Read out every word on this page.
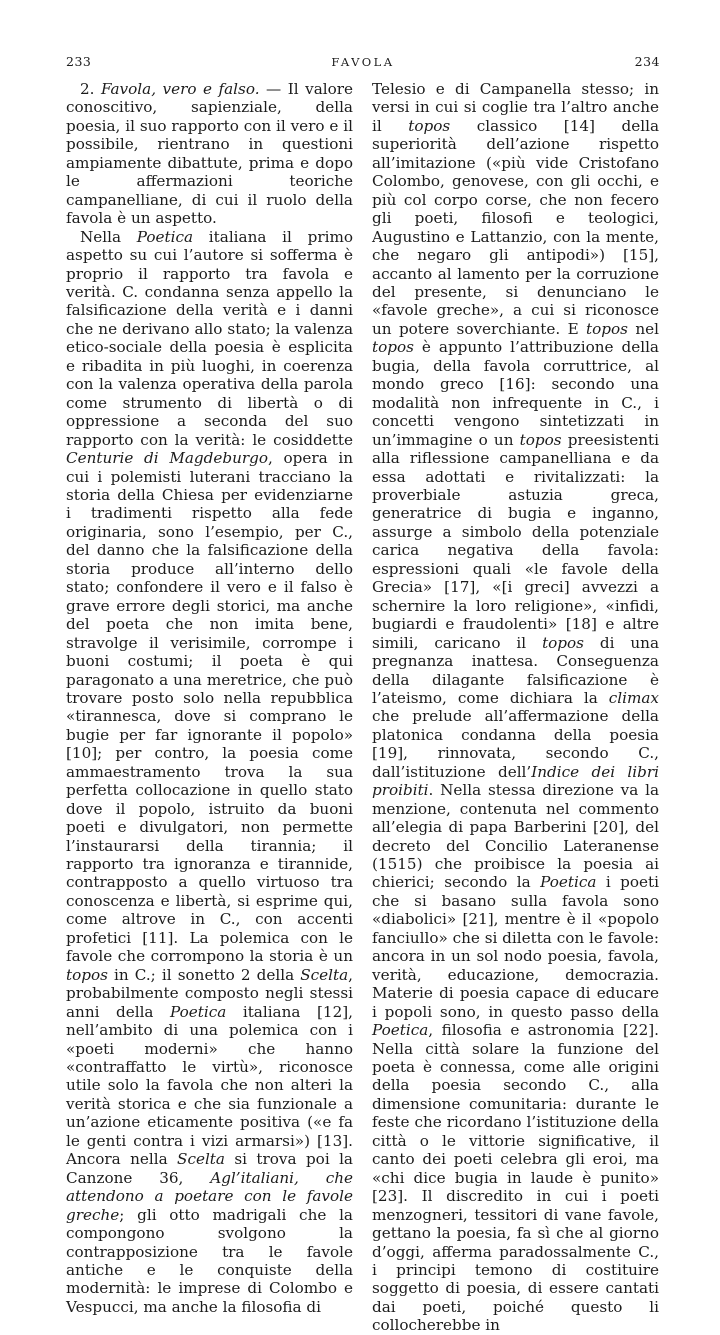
233	FAVOLA	234

2. Favola, vero e falso. — Il valore conoscitivo, sapienziale, della poesia, il suo rapporto con il vero e il possibile, rientrano in questioni ampiamente dibattute, prima e dopo le affermazioni teoriche campanelliane, di cui il ruolo della favola è un aspetto.

Nella Poetica italiana il primo aspetto su cui l’autore si sofferma è proprio il rapporto tra favola e verità. C. condanna senza appello la falsificazione della verità e i danni che ne derivano allo stato; la valenza etico-sociale della poesia è esplicita e ribadita in più luoghi, in coerenza con la valenza operativa della parola come strumento di libertà o di oppressione a seconda del suo rapporto con la verità: le cosiddette Centurie di Magdeburgo, opera in cui i polemisti luterani tracciano la storia della Chiesa per evidenziarne i tradimenti rispetto alla fede originaria, sono l’esempio, per C., del danno che la falsificazione della storia produce all’interno dello stato; confondere il vero e il falso è grave errore degli storici, ma anche del poeta che non imita bene, stravolge il verisimile, corrompe i buoni costumi; il poeta è qui paragonato a una meretrice, che può trovare posto solo nella repubblica «tirannesca, dove si comprano le bugie per far ignorante il popolo» [10]; per contro, la poesia come ammaestramento trova la sua perfetta collocazione in quello stato dove il popolo, istruito da buoni poeti e divulgatori, non permette l’instaurarsi della tirannia; il rapporto tra ignoranza e tirannide, contrapposto a quello virtuoso tra conoscenza e libertà, si esprime qui, come altrove in C., con accenti profetici [11]. La polemica con le favole che corrompono la storia è un topos in C.; il sonetto 2 della Scelta, probabilmente composto negli stessi anni della Poetica italiana [12], nell’ambito di una polemica con i «poeti moderni» che hanno «contraffatto le virtù», riconosce utile solo la favola che non alteri la verità storica e che sia funzionale a un’azione eticamente positiva («e fa le genti contra i vizi armarsi») [13]. Ancora nella Scelta si trova poi la Canzone 36, Agl’italiani, che attendono a poetare con le favole greche; gli otto madrigali che la compongono svolgono la contrapposizione tra le favole antiche e le conquiste della modernità: le imprese di Colombo e Vespucci, ma anche la filosofia di

Telesio e di Campanella stesso; in versi in cui si coglie tra l’altro anche il topos classico [14] della superiorità dell’azione rispetto all’imitazione («più vide Cristofano Colombo, genovese, con gli occhi, e più col corpo corse, che non fecero gli poeti, filosofi e teologici, Augustino e Lattanzio, con la mente, che negaro gli antipodi») [15], accanto al lamento per la corruzione del presente, si denunciano le «favole greche», a cui si riconosce un potere soverchiante. E topos nel topos è appunto l’attribuzione della bugia, della favola corruttrice, al mondo greco [16]: secondo una modalità non infrequente in C., i concetti vengono sintetizzati in un’immagine o un topos preesistenti alla riflessione campanelliana e da essa adottati e rivitalizzati: la proverbiale astuzia greca, generatrice di bugia e inganno, assurge a simbolo della potenziale carica negativa della favola: espressioni quali «le favole della Grecia» [17], «[i greci] avvezzi a schernire la loro religione», «infidi, bugiardi e fraudolenti» [18] e altre simili, caricano il topos di una pregnanza inattesa. Conseguenza della dilagante falsificazione è l’ateismo, come dichiara la climax che prelude all’affermazione della platonica condanna della poesia [19], rinnovata, secondo C., dall’istituzione dell’Indice dei libri proibiti. Nella stessa direzione va la menzione, contenuta nel commento all’elegia di papa Barberini [20], del decreto del Concilio Lateranense (1515) che proibisce la poesia ai chierici; secondo la Poetica i poeti che si basano sulla favola sono «diabolici» [21], mentre è il «popolo fanciullo» che si diletta con le favole: ancora in un sol nodo poesia, favola, verità, educazione, democrazia. Materie di poesia capace di educare i popoli sono, in questo passo della Poetica, filosofia e astronomia [22]. Nella città solare la funzione del poeta è connessa, come alle origini della poesia secondo C., alla dimensione comunitaria: durante le feste che ricordano l’istituzione della città o le vittorie significative, il canto dei poeti celebra gli eroi, ma «chi dice bugia in laude è punito» [23]. Il discredito in cui i poeti menzogneri, tessitori di vane favole, gettano la poesia, fa sì che al giorno d’oggi, afferma paradossalmente C., i principi temono di costituire soggetto di poesia, di essere cantati dai poeti, poiché questo li collocherebbe in
